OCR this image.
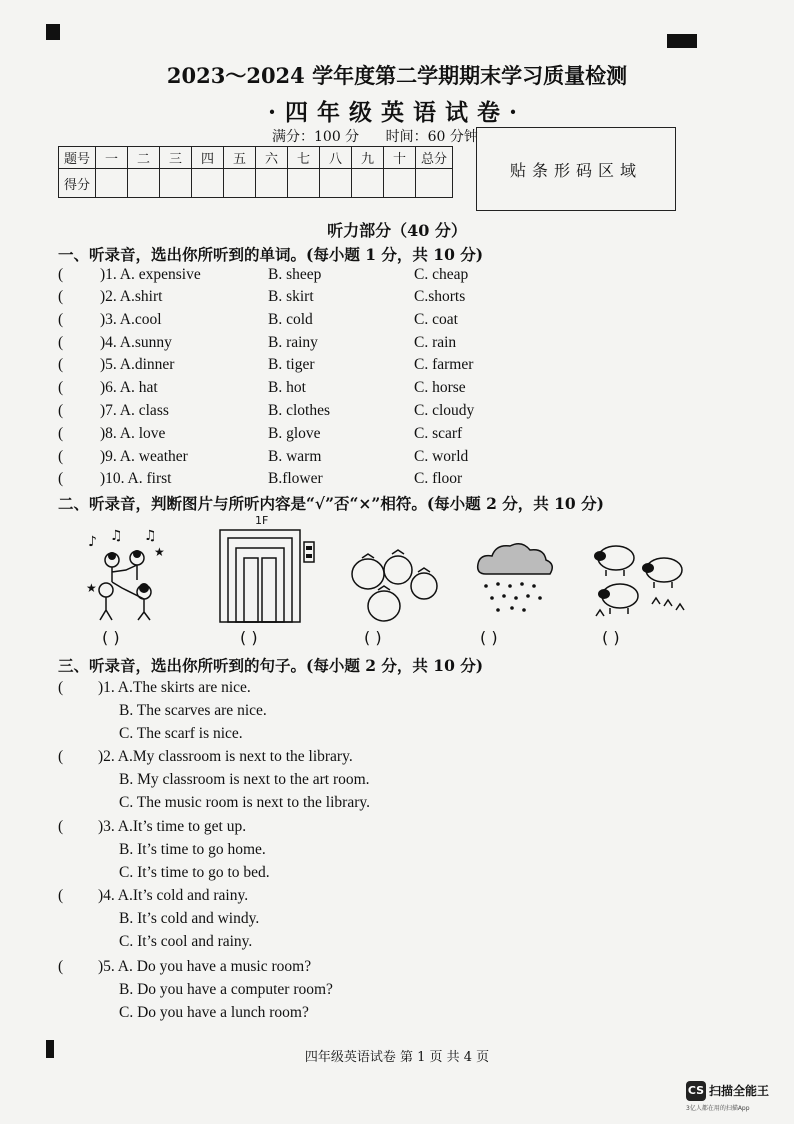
2023～2024 学年度第二学期期末学习质量检测
·四年级英语试卷·
满分：100 分 时间：60 分钟
题号	一	二	三	四	五	六	七	八	九	十	总分
得分											
贴条形码区域
听力部分（40 分）
一、听录音，选出你所听到的单词。(每小题 1 分，共 10 分)
( )1. A. expensive	B. sheep	C. cheap
( )2. A.shirt	B. skirt	C.shorts
( )3. A.cool	B. cold	C. coat
( )4. A.sunny	B. rainy	C. rain
( )5. A.dinner	B. tiger	C. farmer
( )6. A. hat	B. hot	C. horse
( )7. A. class	B. clothes	C. cloudy
( )8. A. love	B. glove	C. scarf
( )9. A. weather	B. warm	C. world
( )10. A. first	B.flower	C. floor
二、听录音，判断图片与所听内容是“√”否“×”相符。(每小题 2 分，共 10 分)
♪ ♫ ♫
★
★
1F
( )	( )	( )	( )	( )
三、听录音，选出你所听到的句子。(每小题 2 分，共 10 分)
( )1. A.The skirts are nice.
B. The scarves are nice.
C. The scarf is nice.
( )2. A.My classroom is next to the library.
B. My classroom is next to the art room.
C. The music room is next to the library.
( )3. A.It’s time to get up.
B. It’s time to go home.
C. It’s time to go to bed.
( )4. A.It’s cold and rainy.
B. It’s cold and windy.
C. It’s cool and rainy.
( )5. A. Do you have a music room?
B. Do you have a computer room?
C. Do you have a lunch room?
四年级英语试卷 第 1 页 共 4 页
CS 扫描全能王
3亿人都在用的扫描App
